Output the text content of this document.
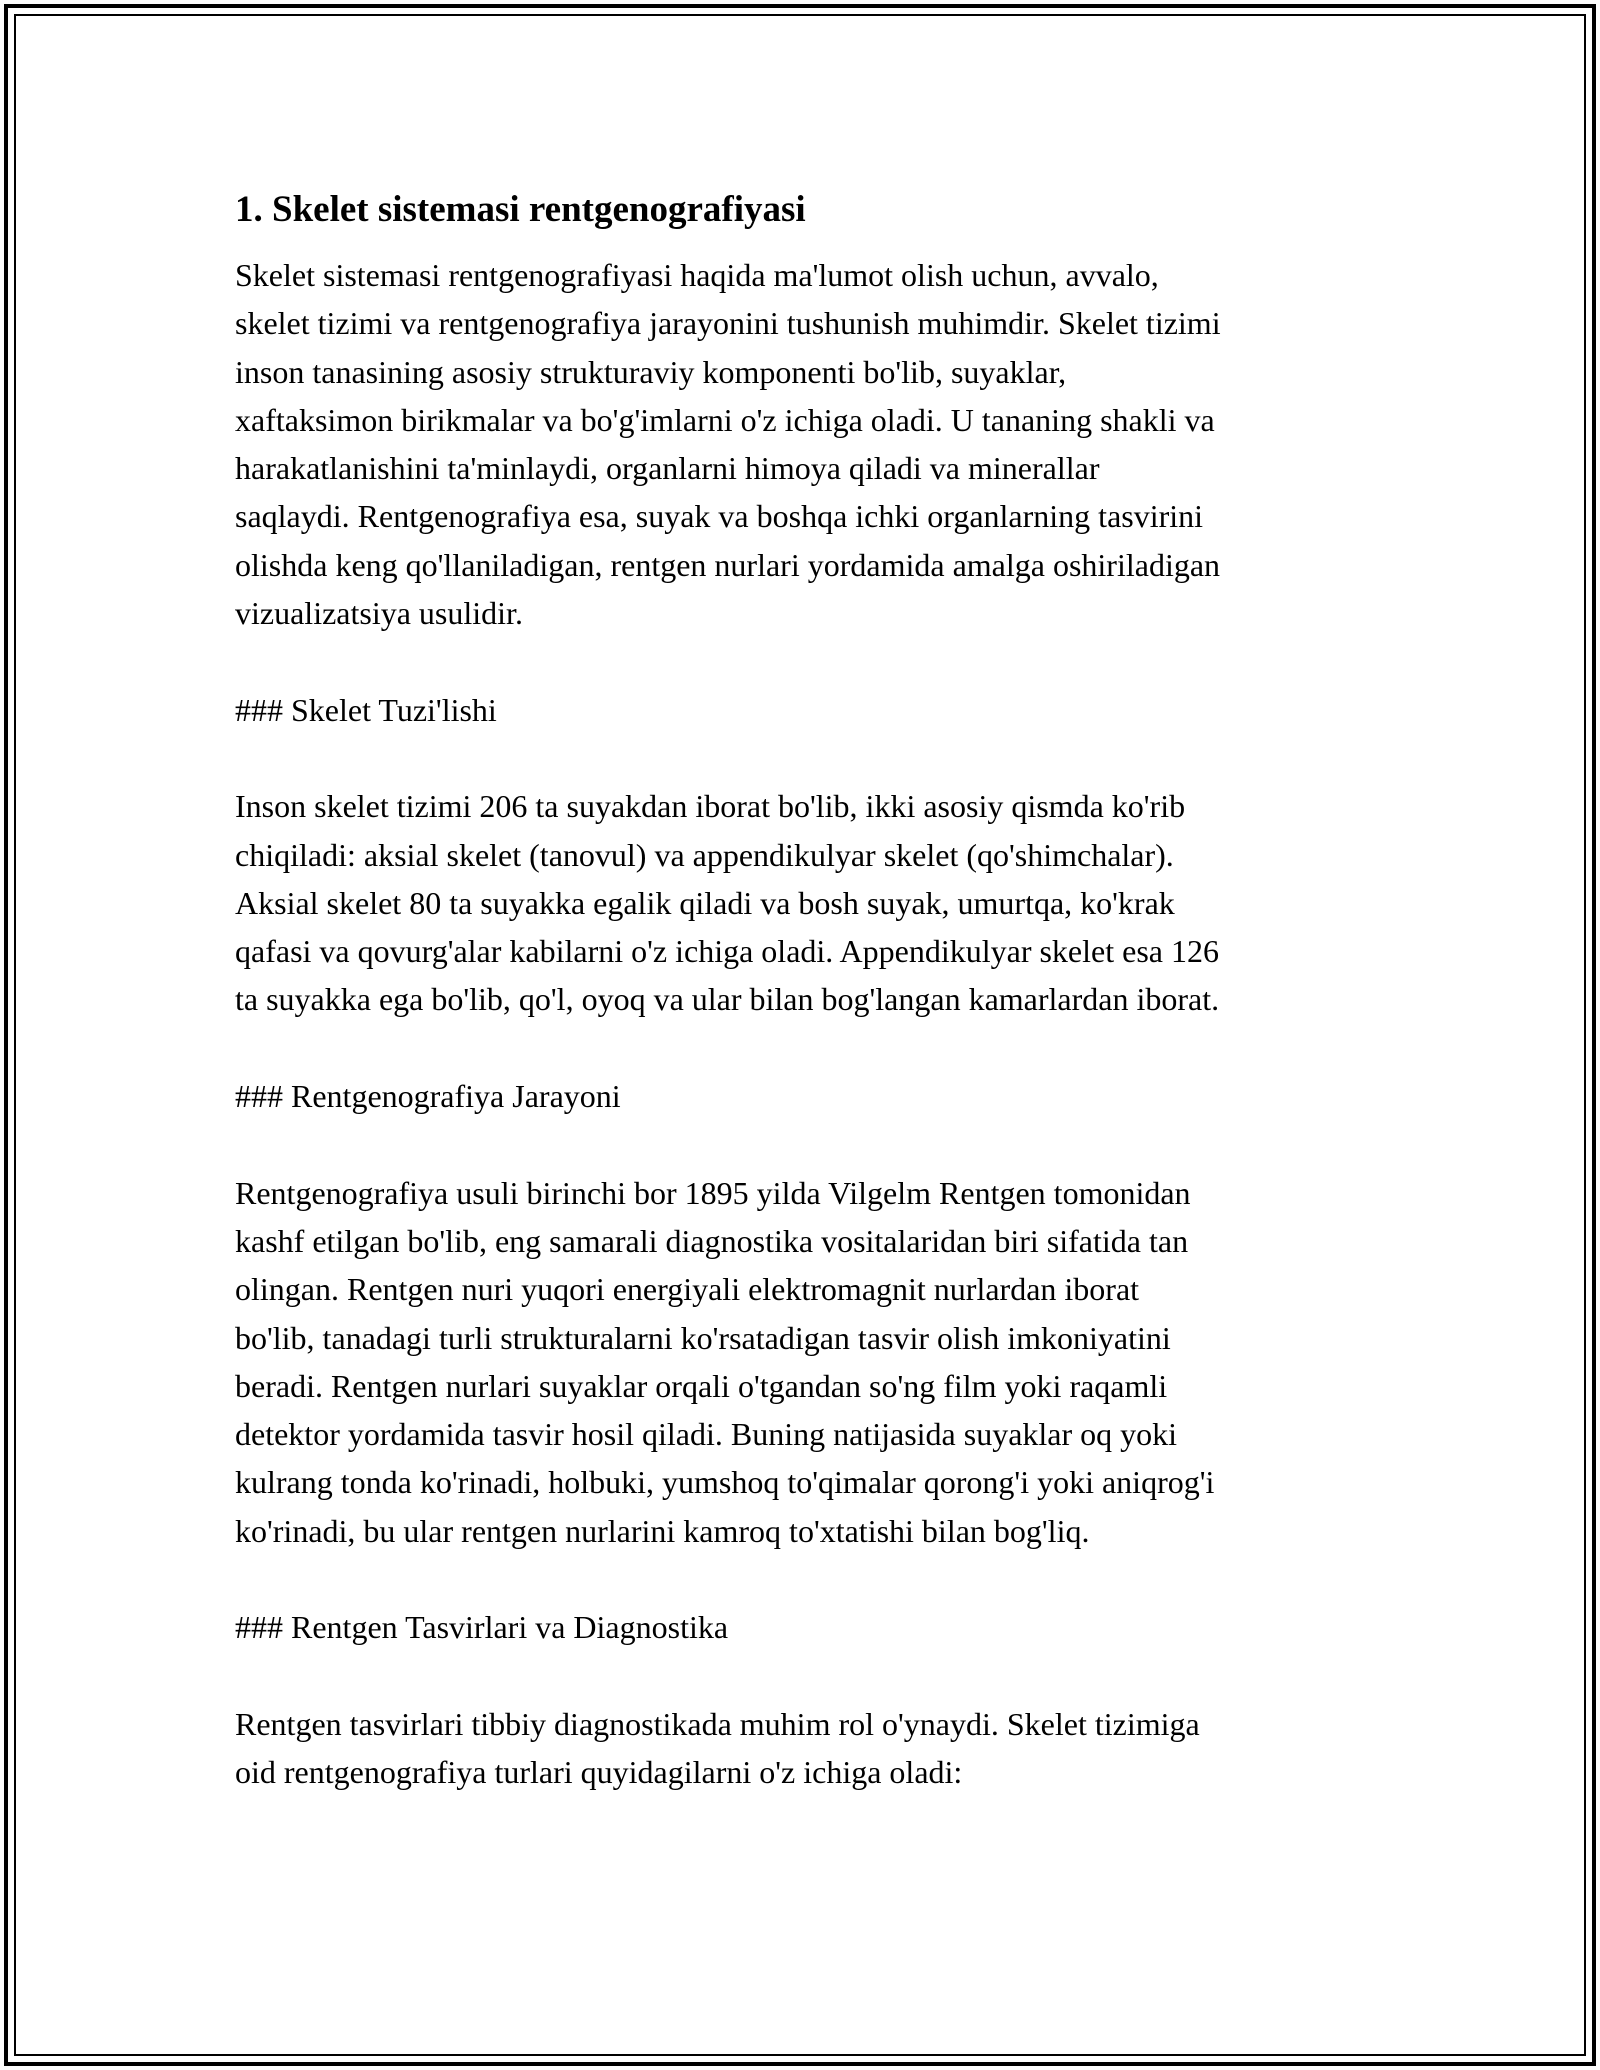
1. Skelet sistemasi rentgenografiyasi

Skelet sistemasi rentgenografiyasi haqida ma'lumot olish uchun, avvalo,
skelet tizimi va rentgenografiya jarayonini tushunish muhimdir. Skelet tizimi
inson tanasining asosiy strukturaviy komponenti bo'lib, suyaklar,
xaftaksimon birikmalar va bo'g'imlarni o'z ichiga oladi. U tananing shakli va
harakatlanishini ta'minlaydi, organlarni himoya qiladi va minerallar
saqlaydi. Rentgenografiya esa, suyak va boshqa ichki organlarning tasvirini
olishda keng qo'llaniladigan, rentgen nurlari yordamida amalga oshiriladigan
vizualizatsiya usulidir.

### Skelet Tuzi'lishi

Inson skelet tizimi 206 ta suyakdan iborat bo'lib, ikki asosiy qismda ko'rib
chiqiladi: aksial skelet (tanovul) va appendikulyar skelet (qo'shimchalar).
Aksial skelet 80 ta suyakka egalik qiladi va bosh suyak, umurtqa, ko'krak
qafasi va qovurg'alar kabilarni o'z ichiga oladi. Appendikulyar skelet esa 126
ta suyakka ega bo'lib, qo'l, oyoq va ular bilan bog'langan kamarlardan iborat.

### Rentgenografiya Jarayoni

Rentgenografiya usuli birinchi bor 1895 yilda Vilgelm Rentgen tomonidan
kashf etilgan bo'lib, eng samarali diagnostika vositalaridan biri sifatida tan
olingan. Rentgen nuri yuqori energiyali elektromagnit nurlardan iborat
bo'lib, tanadagi turli strukturalarni ko'rsatadigan tasvir olish imkoniyatini
beradi. Rentgen nurlari suyaklar orqali o'tgandan so'ng film yoki raqamli
detektor yordamida tasvir hosil qiladi. Buning natijasida suyaklar oq yoki
kulrang tonda ko'rinadi, holbuki, yumshoq to'qimalar qorong'i yoki aniqrog'i
ko'rinadi, bu ular rentgen nurlarini kamroq to'xtatishi bilan bog'liq.

### Rentgen Tasvirlari va Diagnostika

Rentgen tasvirlari tibbiy diagnostikada muhim rol o'ynaydi. Skelet tizimiga
oid rentgenografiya turlari quyidagilarni o'z ichiga oladi:
